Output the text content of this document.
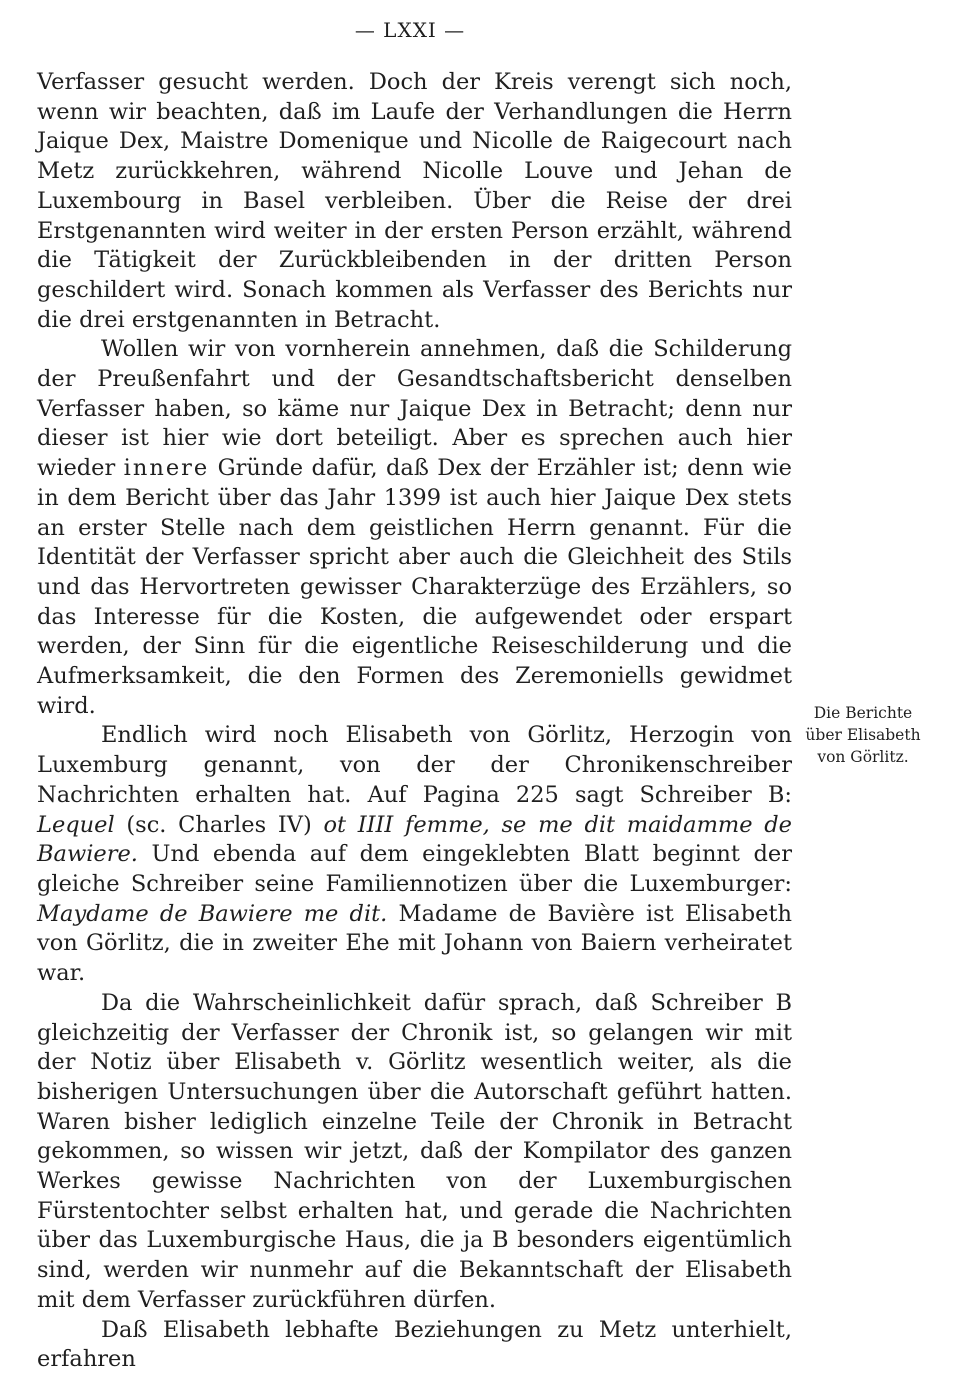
— LXXI —

Verfasser gesucht werden. Doch der Kreis verengt sich noch, wenn wir beachten, daß im Laufe der Verhandlungen die Herrn Jaique Dex, Maistre Domenique und Nicolle de Raigecourt nach Metz zurückkehren, während Nicolle Louve und Jehan de Luxembourg in Basel verbleiben. Über die Reise der drei Erstgenannten wird weiter in der ersten Person erzählt, während die Tätigkeit der Zurückbleibenden in der dritten Person geschildert wird. Sonach kommen als Verfasser des Berichts nur die drei erstgenannten in Betracht.

Wollen wir von vornherein annehmen, daß die Schilderung der Preußenfahrt und der Gesandtschaftsbericht denselben Verfasser haben, so käme nur Jaique Dex in Betracht; denn nur dieser ist hier wie dort beteiligt. Aber es sprechen auch hier wieder innere Gründe dafür, daß Dex der Erzähler ist; denn wie in dem Bericht über das Jahr 1399 ist auch hier Jaique Dex stets an erster Stelle nach dem geistlichen Herrn genannt. Für die Identität der Verfasser spricht aber auch die Gleichheit des Stils und das Hervortreten gewisser Charakterzüge des Erzählers, so das Interesse für die Kosten, die aufgewendet oder erspart werden, der Sinn für die eigentliche Reiseschilderung und die Aufmerksamkeit, die den Formen des Zeremoniells gewidmet wird.

Endlich wird noch Elisabeth von Görlitz, Herzogin von Luxemburg genannt, von der der Chronikenschreiber Nachrichten erhalten hat. Auf Pagina 225 sagt Schreiber B: Lequel (sc. Charles IV) ot IIII femme, se me dit maidamme de Bawiere. Und ebenda auf dem eingeklebten Blatt beginnt der gleiche Schreiber seine Familiennotizen über die Luxemburger: Maydame de Bawiere me dit. Madame de Bavière ist Elisabeth von Görlitz, die in zweiter Ehe mit Johann von Baiern verheiratet war.

Da die Wahrscheinlichkeit dafür sprach, daß Schreiber B gleichzeitig der Verfasser der Chronik ist, so gelangen wir mit der Notiz über Elisabeth v. Görlitz wesentlich weiter, als die bisherigen Untersuchungen über die Autorschaft geführt hatten. Waren bisher lediglich einzelne Teile der Chronik in Betracht gekommen, so wissen wir jetzt, daß der Kompilator des ganzen Werkes gewisse Nachrichten von der Luxemburgischen Fürstentochter selbst erhalten hat, und gerade die Nachrichten über das Luxemburgische Haus, die ja B besonders eigentümlich sind, werden wir nunmehr auf die Bekanntschaft der Elisabeth mit dem Verfasser zurückführen dürfen.

Daß Elisabeth lebhafte Beziehungen zu Metz unterhielt, erfahren

Die Berichte
über Elisabeth
von Görlitz.
